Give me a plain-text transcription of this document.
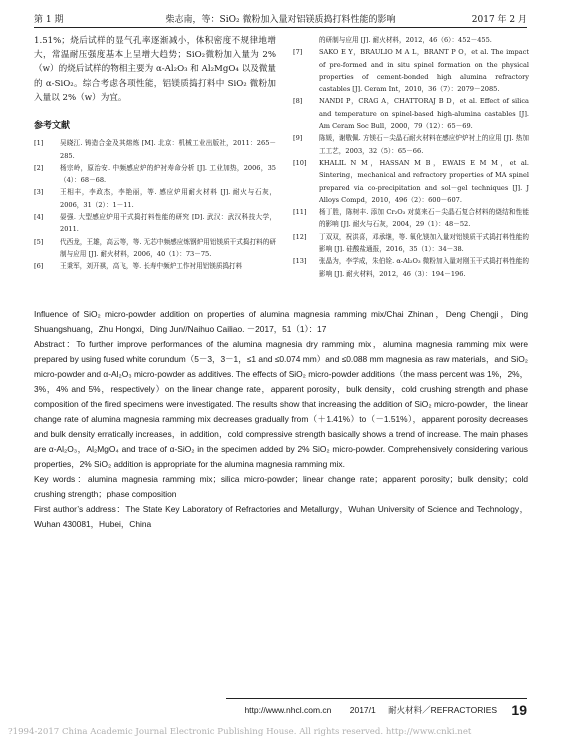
第 1 期	柴志南，等：SiO₂ 微粉加入量对铝镁质捣打料性能的影响	2017 年 2 月

1.51%；烧后试样的显气孔率逐渐减小，体积密度不规律地增大，常温耐压强度基本上呈增大趋势；SiO₂微粉加入量为 2%（w）的烧后试样的物相主要为 α-Al₂O₃ 和 Al₂MgO₄ 以及微量的 α-SiO₂。综合考虑各项性能，铝镁质捣打料中 SiO₂ 微粉加入量以 2%（w）为宜。

参考文献
[1]	吴晓江. 铸造合金及其熔炼 [M]. 北京：机械工业出版社，2011：265－285.
[2]	杨宗岭，原治安. 中频感应炉的炉衬寿命分析 [J]. 工业加热，2006，35（4）：68－68.
[3]	王相丰，李政杰，李艳丽，等. 感应炉用耐火材料 [J]. 耐火与石灰，2006，31（2）：1－11.
[4]	晏强. 大型感应炉用干式捣打料性能的研究 [D]. 武汉：武汉科技大学，2011.
[5]	代西龙，王雄，高云等，等. 无芯中频感应炼钢炉用铝镁质干式捣打料的研制与应用 [J]. 耐火材料，2006，40（1）：73－75.
[6]	王秉军，刘开祺，高飞，等. 长寿中频炉工作衬用铝镁质捣打料
的研制与应用 [J]. 耐火材料，2012，46（6）：452－455.
[7]	SAKO E Y，BRAULIO M A L，BRANT P O，et al. The impact of pre-formed and in situ spinel formation on the physical properties of cement-bonded high alumina refractory castables [J]. Ceram Int，2010，36（7）：2079－2085.
[8]	NANDI P，CRAG A，CHATTORAJ B D，et al. Effect of silica and temperature on spinel-based high-alumina castables [J]. Am Ceram Soc Bull，2000，79（12）：65－69.
[9]	陈媛，谢敬佩. 方镁石－尖晶石耐火材料在感应炉炉衬上的应用 [J]. 热加工工艺，2003，32（5）：65－66.
[10]	KHALIL N M，HASSAN M B，EWAIS E M M，et al. Sintering，mechanical and refractory properties of MA spinel prepared via co-precipitation and sol－gel techniques [J]. J Alloys Compd，2010，496（2）：600－607.
[11]	杨丁胜，陈树丰. 添加 Cr₂O₃ 对莫来石－尖晶石复合材料的烧结和性能的影响 [J]. 耐火与石灰，2004，29（1）：48－52.
[12]	丁双双，祝洪喜，邓承继，等. 氧化镁加入量对铝镁质干式捣打料性能的影响 [J]. 硅酸盐通报，2016，35（1）：34－38.
[13]	张晶为，李学成，朱伯铨. α-Al₂O₃ 微粉加入量对刚玉干式捣打料性能的影响 [J]. 耐火材料，2012，46（3）：194－196.

Influence of SiO₂ micro-powder addition on properties of alumina magnesia ramming mix/Chai Zhinan，Deng Chengji，Ding Shuangshuang，Zhu Hongxi，Ding Jun//Naihuo Cailiao. －2017，51（1）：17

Abstract：To further improve performances of the alumina magnesia dry ramming mix，alumina magnesia ramming mix were prepared by using fused white corundum（5－3，3－1，≤1 and ≤0.074 mm）and ≤0.088 mm magnesia as raw materials，and SiO₂ micro-powder and α-Al₂O₃ micro-powder as additives. The effects of SiO₂ micro-powder additions（the mass percent was 1%，2%，3%，4% and 5%，respectively）on the linear change rate，apparent porosity，bulk density，cold crushing strength and phase composition of the fired specimens were investigated. The results show that increasing the addition of SiO₂ micro-powder，the linear change rate of alumina magnesia ramming mix decreases gradually from（＋1.41%）to（－1.51%），apparent porosity decreases and bulk density erratically increases，in addition，cold compressive strength basically shows a trend of increase. The main phases are α-Al₂O₃，Al₂MgO₄ and trace of α-SiO₂ in the specimen added by 2% SiO₂ micro-powder. Comprehensively considering various properties，2% SiO₂ addition is appropriate for the alumina magnesia ramming mix.

Key words：alumina magnesia ramming mix；silica micro-powder；linear change rate；apparent porosity；bulk density；cold crushing strength；phase composition

First author’s address：The State Key Laboratory of Refractories and Metallurgy，Wuhan University of Science and Technology，Wuhan 430081，Hubei，China

http://www.nhcl.com.cn 2017/1 耐火材料／REFRACTORIES 19
?1994-2017 China Academic Journal Electronic Publishing House. All rights reserved. http://www.cnki.net
